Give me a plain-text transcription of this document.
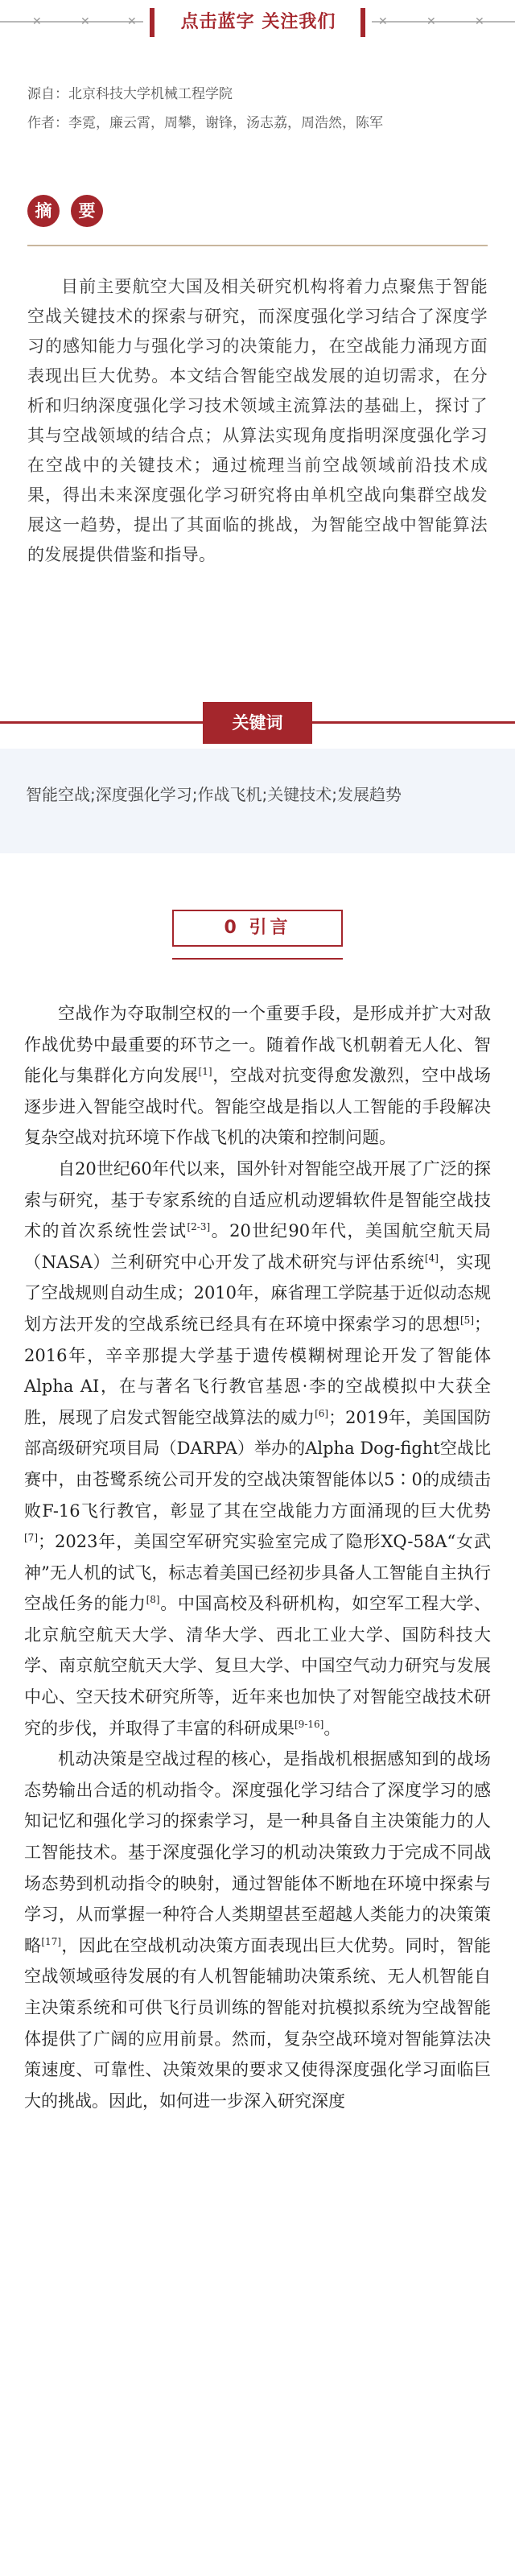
✕	✕	✕	点击蓝字 关注我们	✕	✕	✕
源自：北京科技大学机械工程学院
作者：李霓，廉云霄，周攀，谢锋，汤志荔，周浩然，陈军
摘	要
目前主要航空大国及相关研究机构将着力点聚焦于智能空战关键技术的探索与研究，而深度强化学习结合了深度学习的感知能力与强化学习的决策能力，在空战能力涌现方面表现出巨大优势。本文结合智能空战发展的迫切需求，在分析和归纳深度强化学习技术领域主流算法的基础上，探讨了其与空战领域的结合点；从算法实现角度指明深度强化学习在空战中的关键技术；通过梳理当前空战领域前沿技术成果，得出未来深度强化学习研究将由单机空战向集群空战发展这一趋势，提出了其面临的挑战，为智能空战中智能算法的发展提供借鉴和指导。
关键词
智能空战;深度强化学习;作战飞机;关键技术;发展趋势
0 引言

空战作为夺取制空权的一个重要手段，是形成并扩大对敌作战优势中最重要的环节之一。随着作战飞机朝着无人化、智能化与集群化方向发展[1]，空战对抗变得愈发激烈，空中战场逐步进入智能空战时代。智能空战是指以人工智能的手段解决复杂空战对抗环境下作战飞机的决策和控制问题。

自20世纪60年代以来，国外针对智能空战开展了广泛的探索与研究，基于专家系统的自适应机动逻辑软件是智能空战技术的首次系统性尝试[2-3]。20世纪90年代，美国航空航天局（NASA）兰利研究中心开发了战术研究与评估系统[4]，实现了空战规则自动生成；2010年，麻省理工学院基于近似动态规划方法开发的空战系统已经具有在环境中探索学习的思想[5]；2016年，辛辛那提大学基于遗传模糊树理论开发了智能体Alpha AI，在与著名飞行教官基恩·李的空战模拟中大获全胜，展现了启发式智能空战算法的威力[6]；2019年，美国国防部高级研究项目局（DARPA）举办的Alpha Dog-fight空战比赛中，由苍鹭系统公司开发的空战决策智能体以5∶0的成绩击败F-16飞行教官，彰显了其在空战能力方面涌现的巨大优势[7]；2023年，美国空军研究实验室完成了隐形XQ-58A“女武神”无人机的试飞，标志着美国已经初步具备人工智能自主执行空战任务的能力[8]。中国高校及科研机构，如空军工程大学、北京航空航天大学、清华大学、西北工业大学、国防科技大学、南京航空航天大学、复旦大学、中国空气动力研究与发展中心、空天技术研究所等，近年来也加快了对智能空战技术研究的步伐，并取得了丰富的科研成果[9-16]。

机动决策是空战过程的核心，是指战机根据感知到的战场态势输出合适的机动指令。深度强化学习结合了深度学习的感知记忆和强化学习的探索学习，是一种具备自主决策能力的人工智能技术。基于深度强化学习的机动决策致力于完成不同战场态势到机动指令的映射，通过智能体不断地在环境中探索与学习，从而掌握一种符合人类期望甚至超越人类能力的决策策略[17]，因此在空战机动决策方面表现出巨大优势。同时，智能空战领域亟待发展的有人机智能辅助决策系统、无人机智能自主决策系统和可供飞行员训练的智能对抗模拟系统为空战智能体提供了广阔的应用前景。然而，复杂空战环境对智能算法决策速度、可靠性、决策效果的要求又使得深度强化学习面临巨大的挑战。因此，如何进一步深入研究深度
